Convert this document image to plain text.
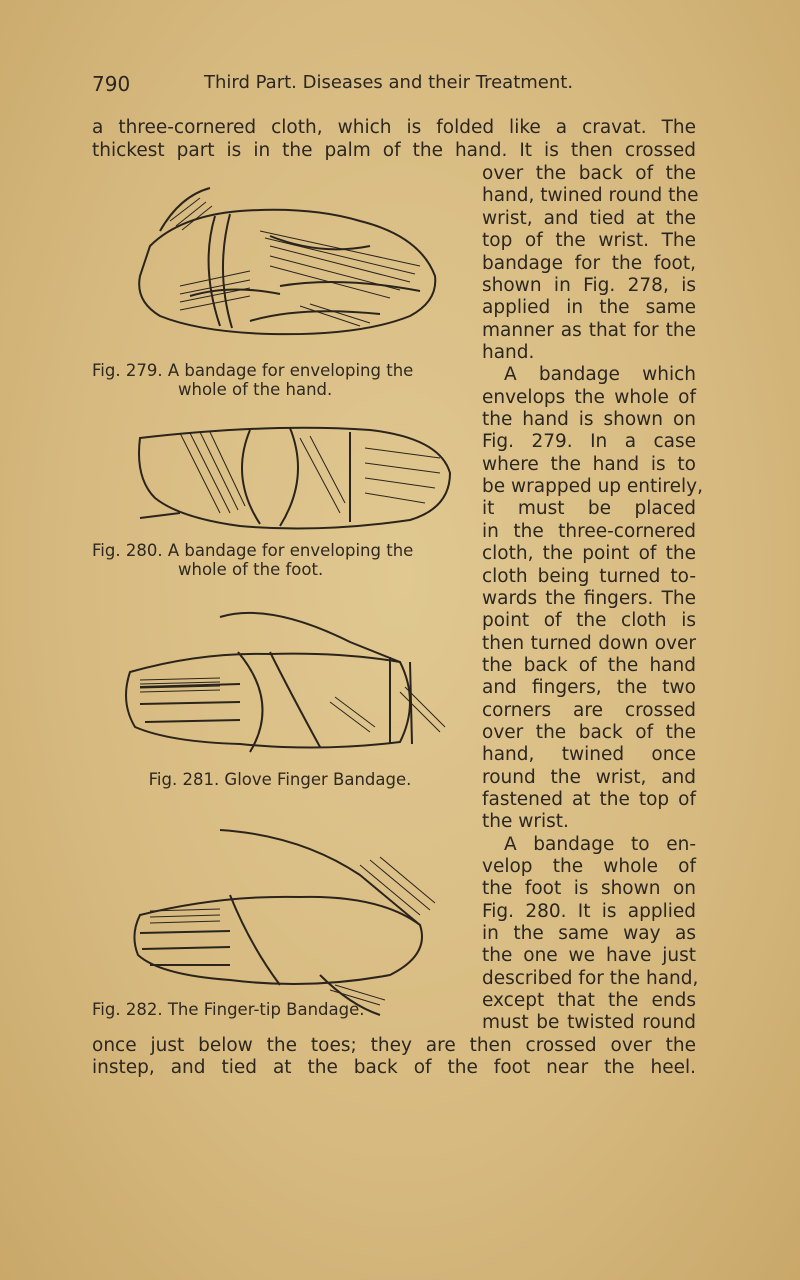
790	Third Part. Diseases and their Treatment.
a three-cornered cloth, which is folded like a cravat. The
thickest part is in the palm of the hand. It is then crossed
over the back of the
hand, twined round the
wrist, and tied at the
top of the wrist. The
bandage for the foot,
shown in Fig. 278, is
applied in the same
manner as that for the
hand.
A bandage which
envelops the whole of
the hand is shown on
Fig. 279. In a case
where the hand is to
be wrapped up entirely,
it must be placed
in the three-cornered
cloth, the point of the
cloth being turned to-
wards the fingers. The
point of the cloth is
then turned down over
the back of the hand
and fingers, the two
corners are crossed
over the back of the
hand, twined once
round the wrist, and
fastened at the top of
the wrist.
A bandage to en-
velop the whole of
the foot is shown on
Fig. 280. It is applied
in the same way as
the one we have just
described for the hand,
except that the ends
must be twisted round
once just below the toes; they are then crossed over the
instep, and tied at the back of the foot near the heel.
Fig. 279. A bandage for enveloping the
whole of the hand.
Fig. 280. A bandage for enveloping the
whole of the foot.
Fig. 281. Glove Finger Bandage.
Fig. 282. The Finger-tip Bandage.
